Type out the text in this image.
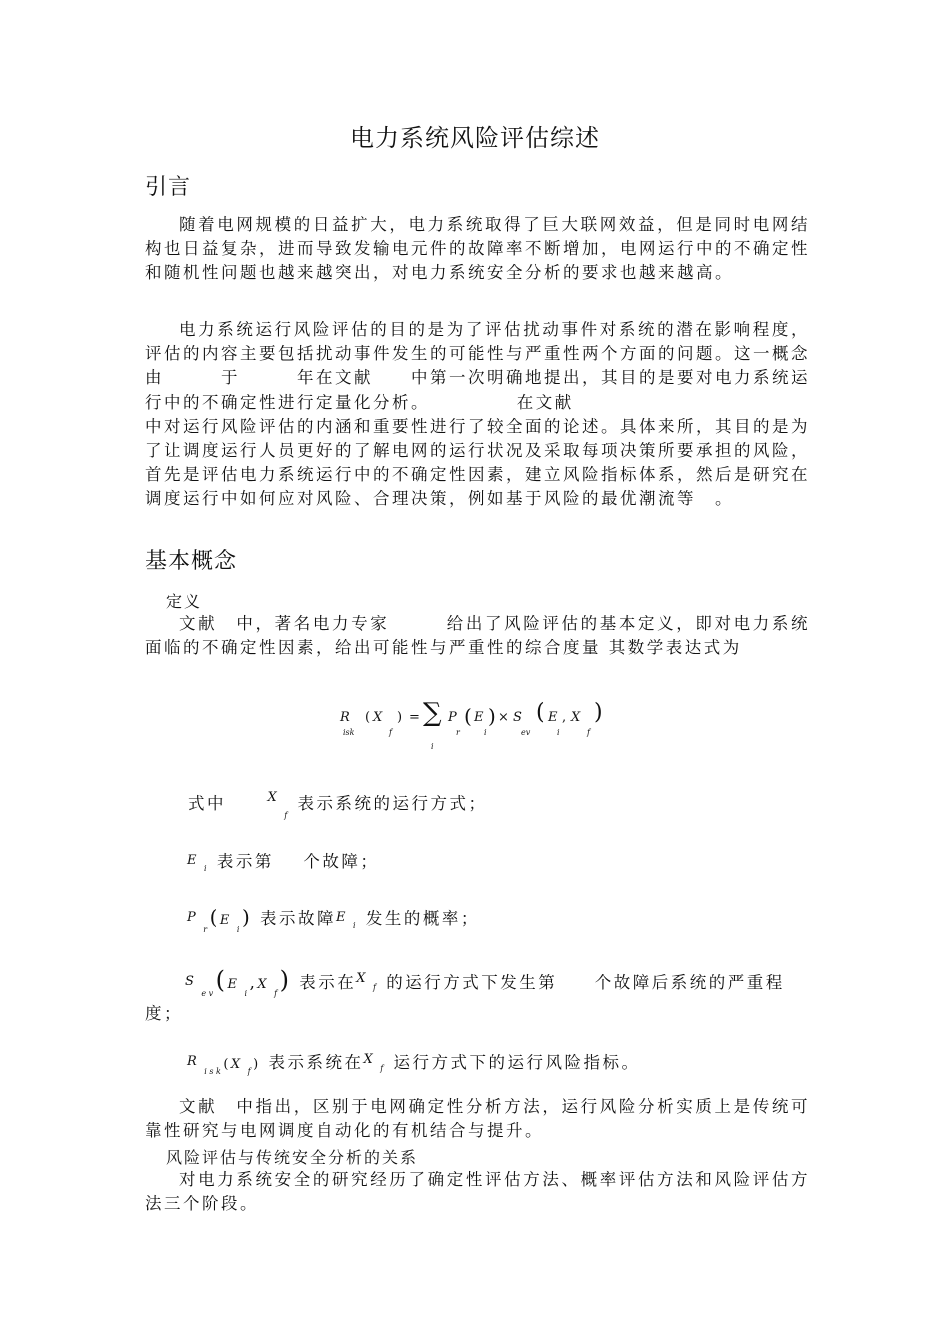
电力系统风险评估综述
引言

随着电网规模的日益扩大，电力系统取得了巨大联网效益，但是同时电网结构也日益复杂，进而导致发输电元件的故障率不断增加，电网运行中的不确定性和随机性问题也越来越突出，对电力系统安全分析的要求也越来越高。

电力系统运行风险评估的目的是为了评估扰动事件对系统的潜在影响程度，评估的内容主要包括扰动事件发生的可能性与严重性两个方面的问题。这一概念由　　　于　　　年在文献　　中第一次明确地提出，其目的是要对电力系统运行中的不确定性进行定量化分析。　　　　　在文献

中对运行风险评估的内涵和重要性进行了较全面的论述。具体来所，其目的是为了让调度运行人员更好的了解电网的运行状况及采取每项决策所要承担的风险，首先是评估电力系统运行中的不确定性因素，建立风险指标体系，然后是研究在调度运行中如何应对风险、合理决策，例如基于风险的最优潮流等　。

基本概念
定义

文献　中，著名电力专家　　　给出了风险评估的基本定义，即对电力系统面临的不确定性因素，给出可能性与严重性的综合度量 其数学表达式为

R
isk
( X
f
) = ∑
i
P
r
( E
i
) × S
ev
( E
i
, X
f
)
式中	$^X_f$ 表示系统的运行方式；
$E_i$ 表示第 个故障；
$P_r(E_i)$ 表示故障$E_i$ 发生的概率；
$S_{ev}(E_i,X_f)$ 表示在$^X$f 的运行方式下发生第 个故障后系统的严重程
度；
$R_{isk}(X$ $_f$) 表示系统在$^X$f 运行方式下的运行风险指标。

文献　中指出，区别于电网确定性分析方法，运行风险分析实质上是传统可靠性研究与电网调度自动化的有机结合与提升。

风险评估与传统安全分析的关系

对电力系统安全的研究经历了确定性评估方法、概率评估方法和风险评估方法三个阶段。
